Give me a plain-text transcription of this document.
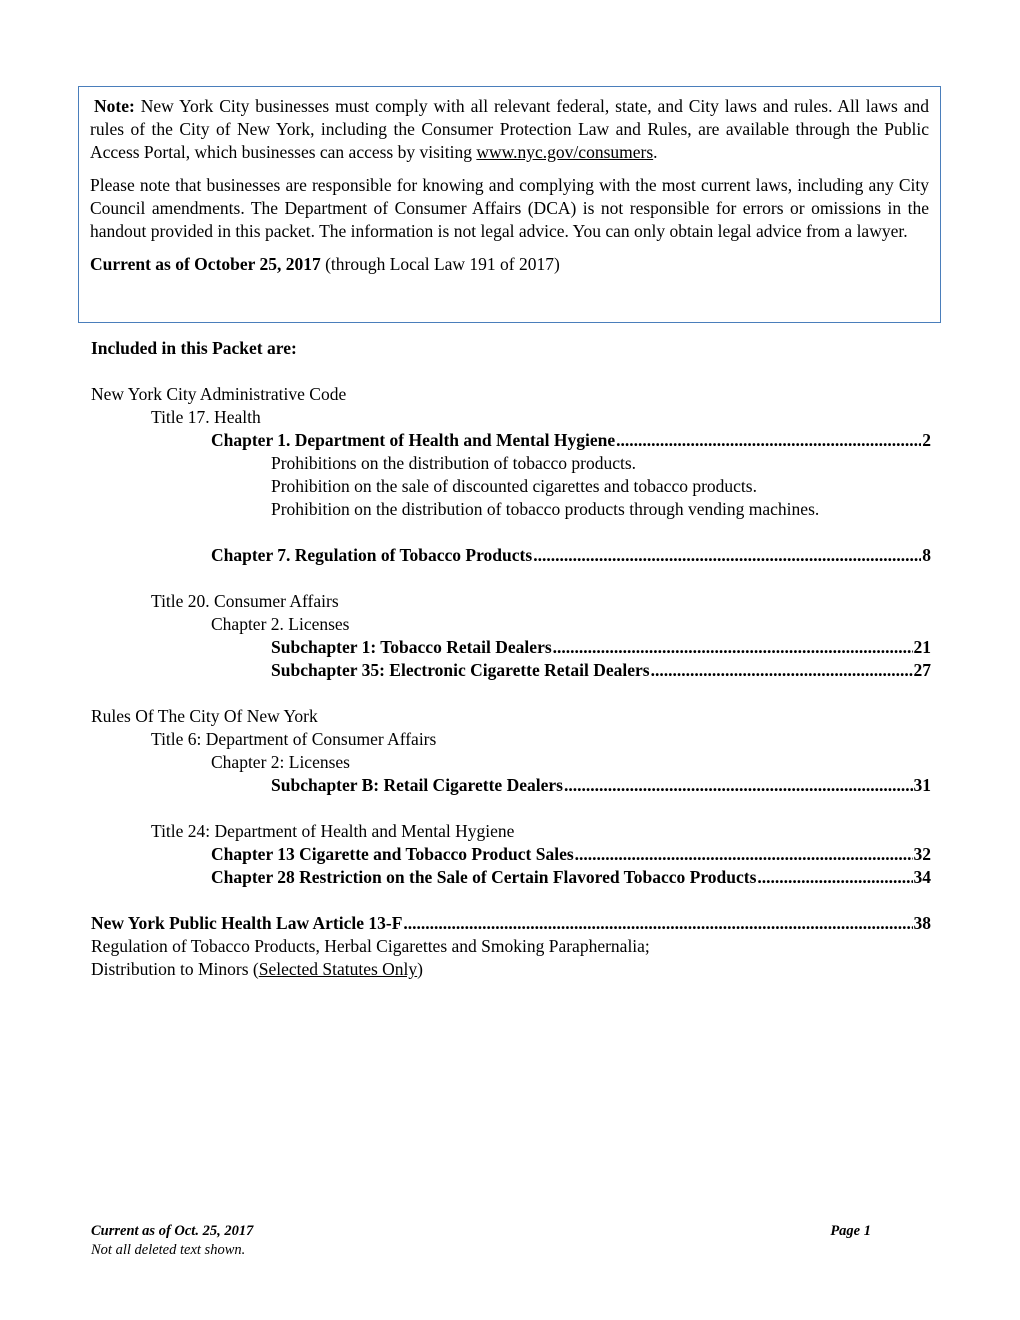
Note: New York City businesses must comply with all relevant federal, state, and City laws and rules. All laws and rules of the City of New York, including the Consumer Protection Law and Rules, are available through the Public Access Portal, which businesses can access by visiting www.nyc.gov/consumers.

Please note that businesses are responsible for knowing and complying with the most current laws, including any City Council amendments. The Department of Consumer Affairs (DCA) is not responsible for errors or omissions in the handout provided in this packet. The information is not legal advice. You can only obtain legal advice from a lawyer.

Current as of October 25, 2017 (through Local Law 191 of 2017)

Included in this Packet are:
New York City Administrative Code
Title 17. Health
Chapter 1. Department of Health and Mental Hygiene .....	2
Prohibitions on the distribution of tobacco products.
Prohibition on the sale of discounted cigarettes and tobacco products.
Prohibition on the distribution of tobacco products through vending machines.
Chapter 7. Regulation of Tobacco Products .....	8
Title 20. Consumer Affairs
Chapter 2. Licenses
Subchapter 1: Tobacco Retail Dealers .....	21
Subchapter 35: Electronic Cigarette Retail Dealers .....	27
Rules Of The City Of New York
Title 6: Department of Consumer Affairs
Chapter 2: Licenses
Subchapter B: Retail Cigarette Dealers .....	31
Title 24: Department of Health and Mental Hygiene
Chapter 13 Cigarette and Tobacco Product Sales .....	32
Chapter 28 Restriction on the Sale of Certain Flavored Tobacco Products .....	34
New York Public Health Law Article 13-F .....	38
Regulation of Tobacco Products, Herbal Cigarettes and Smoking Paraphernalia;
Distribution to Minors (Selected Statutes Only)
Current as of Oct. 25, 2017	Page 1
Not all deleted text shown.
